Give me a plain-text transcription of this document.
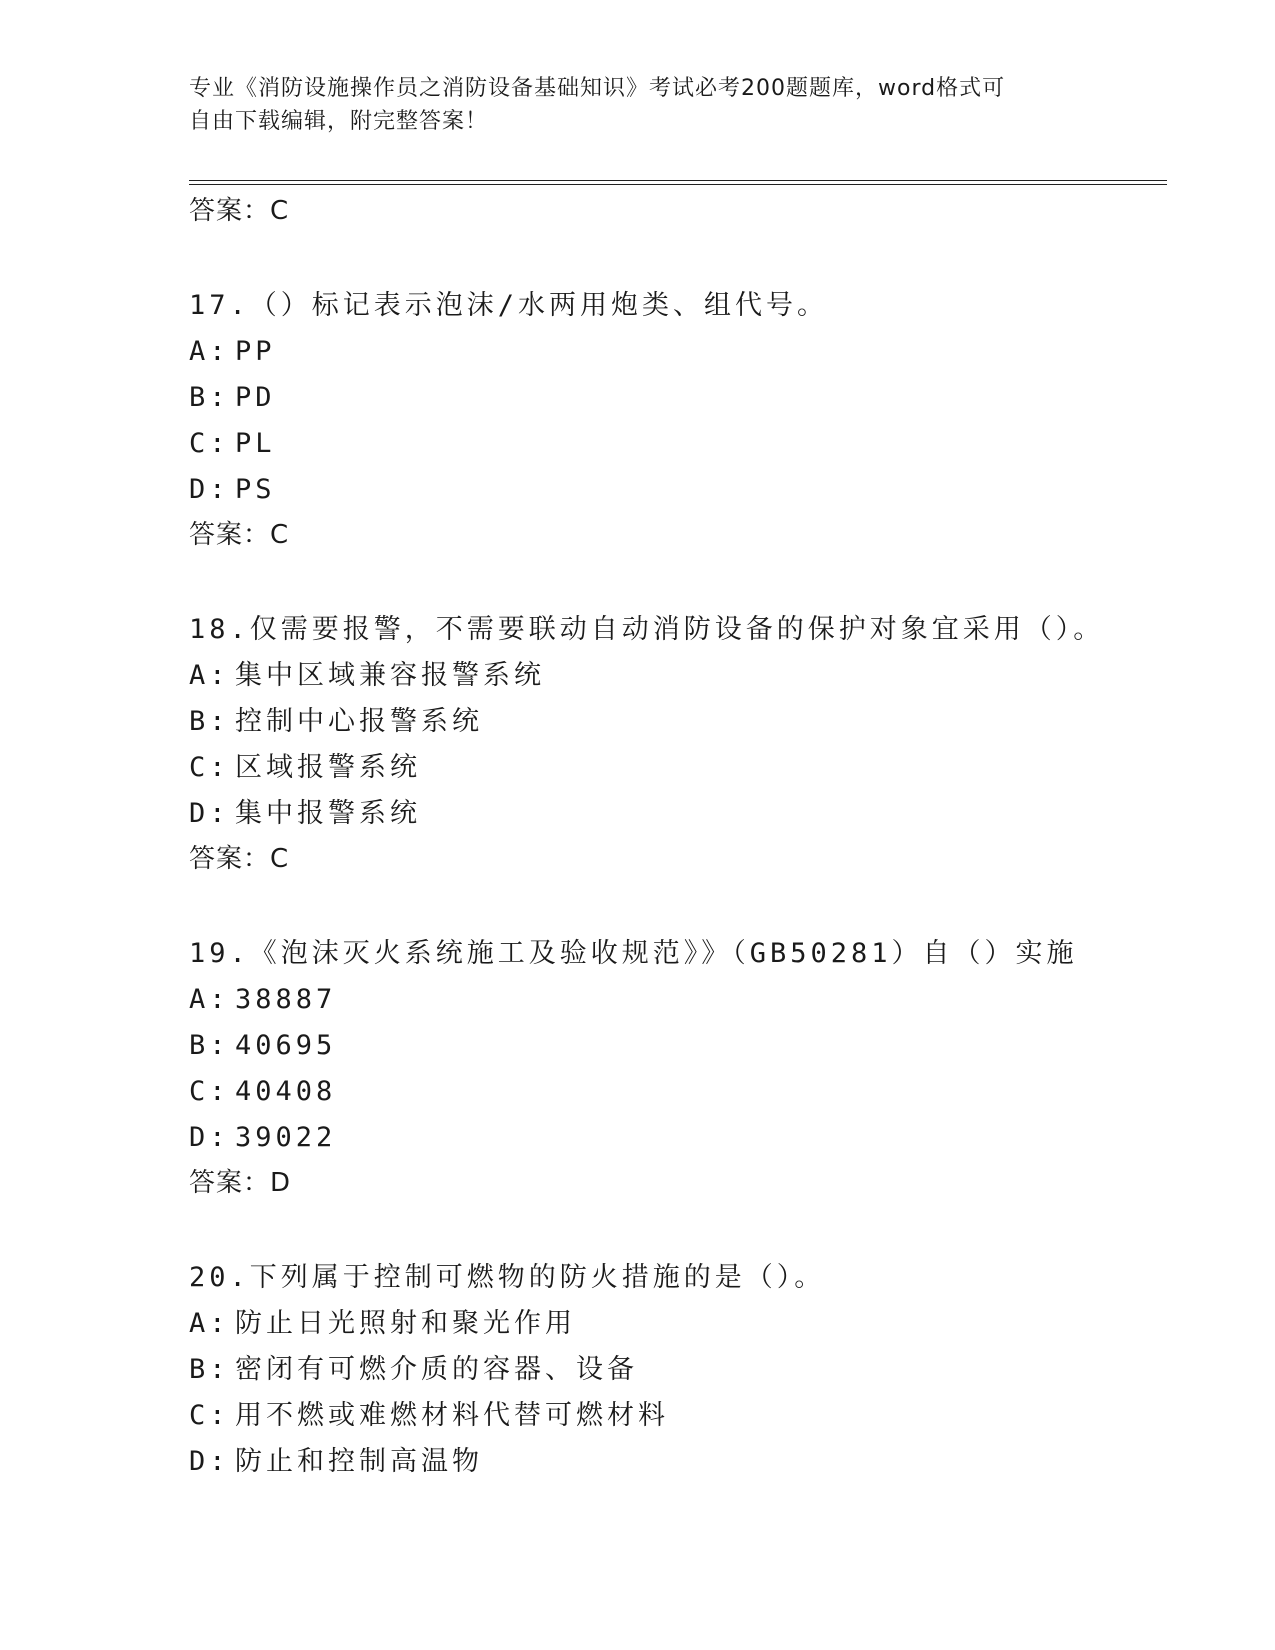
专业《消防设施操作员之消防设备基础知识》考试必考200题题库，word格式可
自由下载编辑，附完整答案！
答案：C
17.（）标记表示泡沫/水两用炮类、组代号。
A: PP
B: PD
C: PL
D: PS
答案：C
18.仅需要报警，不需要联动自动消防设备的保护对象宜采用（）。
A: 集中区域兼容报警系统
B: 控制中心报警系统
C: 区域报警系统
D: 集中报警系统
答案：C
19.《泡沫灭火系统施工及验收规范》》（GB50281）自（）实施
A: 38887
B: 40695
C: 40408
D: 39022
答案：D
20.下列属于控制可燃物的防火措施的是（）。
A: 防止日光照射和聚光作用
B: 密闭有可燃介质的容器、设备
C: 用不燃或难燃材料代替可燃材料
D: 防止和控制高温物
